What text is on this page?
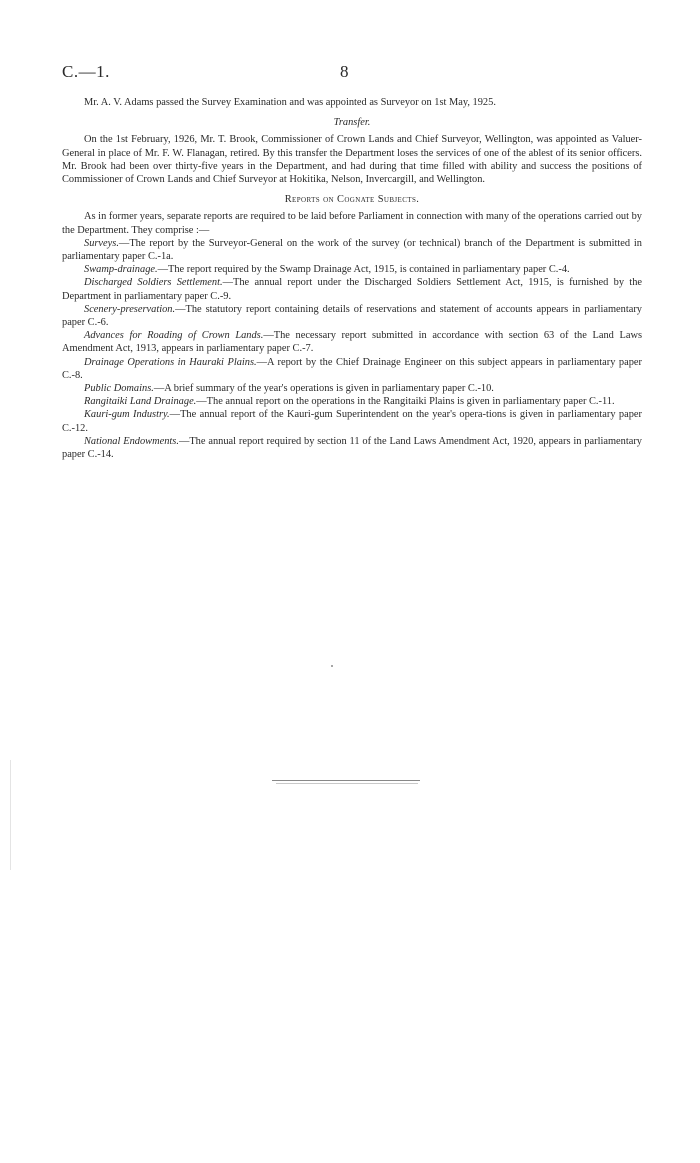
C.—1.	8

Mr. A. V. Adams passed the Survey Examination and was appointed as Surveyor on 1st May, 1925.

Transfer.

On the 1st February, 1926, Mr. T. Brook, Commissioner of Crown Lands and Chief Surveyor, Wellington, was appointed as Valuer-General in place of Mr. F. W. Flanagan, retired. By this transfer the Department loses the services of one of the ablest of its senior officers. Mr. Brook had been over thirty-five years in the Department, and had during that time filled with ability and success the positions of Commissioner of Crown Lands and Chief Surveyor at Hokitika, Nelson, Invercargill, and Wellington.

Reports on Cognate Subjects.

As in former years, separate reports are required to be laid before Parliament in connection with many of the operations carried out by the Department. They comprise :—

Surveys.—The report by the Surveyor-General on the work of the survey (or technical) branch of the Department is submitted in parliamentary paper C.-1a.

Swamp-drainage.—The report required by the Swamp Drainage Act, 1915, is contained in parliamentary paper C.-4.

Discharged Soldiers Settlement.—The annual report under the Discharged Soldiers Settlement Act, 1915, is furnished by the Department in parliamentary paper C.-9.

Scenery-preservation.—The statutory report containing details of reservations and statement of accounts appears in parliamentary paper C.-6.

Advances for Roading of Crown Lands.—The necessary report submitted in accordance with section 63 of the Land Laws Amendment Act, 1913, appears in parliamentary paper C.-7.

Drainage Operations in Hauraki Plains.—A report by the Chief Drainage Engineer on this subject appears in parliamentary paper C.-8.

Public Domains.—A brief summary of the year's operations is given in parliamentary paper C.-10.

Rangitaiki Land Drainage.—The annual report on the operations in the Rangitaiki Plains is given in parliamentary paper C.-11.

Kauri-gum Industry.—The annual report of the Kauri-gum Superintendent on the year's opera-tions is given in parliamentary paper C.-12.

National Endowments.—The annual report required by section 11 of the Land Laws Amendment Act, 1920, appears in parliamentary paper C.-14.
